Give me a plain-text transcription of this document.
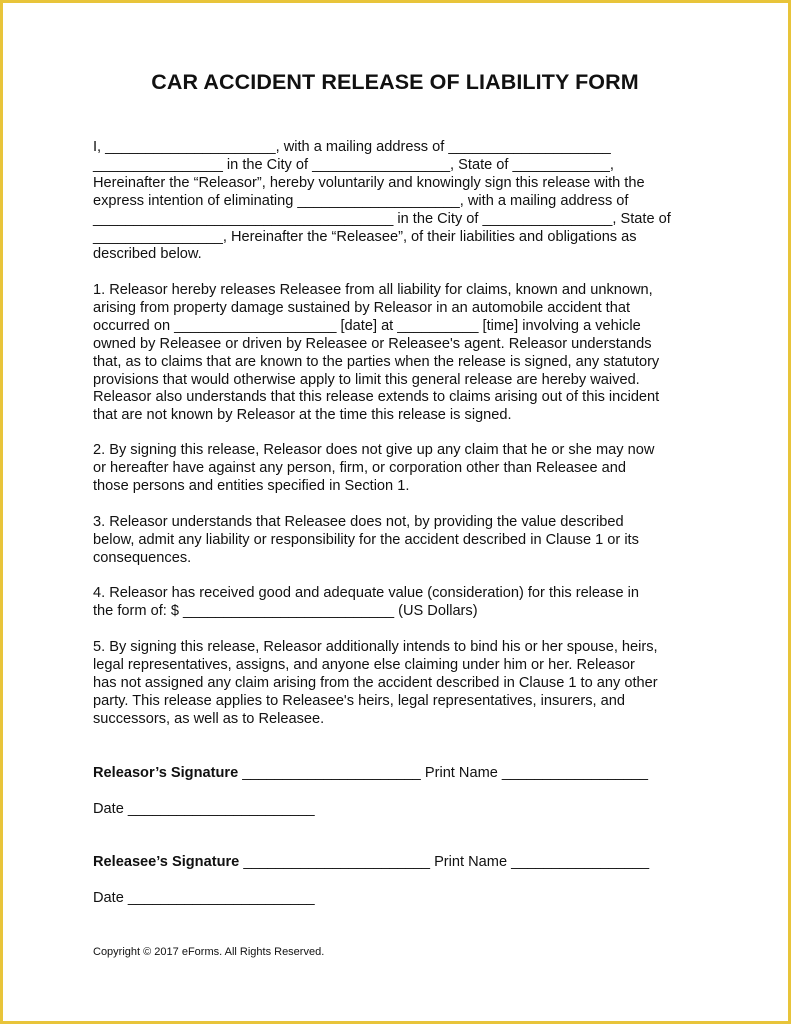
CAR ACCIDENT RELEASE OF LIABILITY FORM
I, _____________________, with a mailing address of ____________________
________________ in the City of _________________, State of ____________,
Hereinafter the “Releasor”, hereby voluntarily and knowingly sign this release with the
express intention of eliminating ____________________, with a mailing address of
_____________________________________ in the City of ________________, State of
________________, Hereinafter the “Releasee”, of their liabilities and obligations as
described below.
1. Releasor hereby releases Releasee from all liability for claims, known and unknown,
arising from property damage sustained by Releasor in an automobile accident that
occurred on ____________________ [date] at __________ [time] involving a vehicle
owned by Releasee or driven by Releasee or Releasee's agent. Releasor understands
that, as to claims that are known to the parties when the release is signed, any statutory
provisions that would otherwise apply to limit this general release are hereby waived.
Releasor also understands that this release extends to claims arising out of this incident
that are not known by Releasor at the time this release is signed.
2. By signing this release, Releasor does not give up any claim that he or she may now
or hereafter have against any person, firm, or corporation other than Releasee and
those persons and entities specified in Section 1.
3. Releasor understands that Releasee does not, by providing the value described
below, admit any liability or responsibility for the accident described in Clause 1 or its
consequences.
4. Releasor has received good and adequate value (consideration) for this release in
the form of: $ __________________________ (US Dollars)
5. By signing this release, Releasor additionally intends to bind his or her spouse, heirs,
legal representatives, assigns, and anyone else claiming under him or her. Releasor
has not assigned any claim arising from the accident described in Clause 1 to any other
party. This release applies to Releasee's heirs, legal representatives, insurers, and
successors, as well as to Releasee.
Releasor’s Signature ______________________ Print Name __________________
Date _______________________
Releasee’s Signature _______________________ Print Name _________________
Date _______________________
Copyright © 2017 eForms. All Rights Reserved.
